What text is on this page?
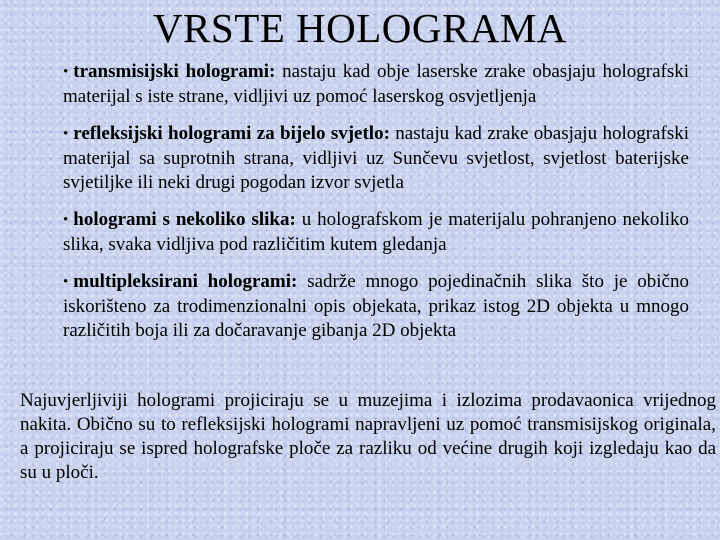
VRSTE HOLOGRAMA
• transmisijski hologrami: nastaju kad obje laserske zrake obasjaju holografski materijal s iste strane, vidljivi uz pomoć laserskog osvjetljenja
• refleksijski hologrami za bijelo svjetlo: nastaju kad zrake obasjaju holografski materijal sa suprotnih strana, vidljivi uz Sunčevu svjetlost, svjetlost baterijske svjetiljke ili neki drugi pogodan izvor svjetla
• hologrami s nekoliko slika: u holografskom je materijalu pohranjeno nekoliko slika, svaka vidljiva pod različitim kutem gledanja
• multipleksirani hologrami: sadrže mnogo pojedinačnih slika što je obično iskorišteno za trodimenzionalni opis objekata, prikaz istog 2D objekta u mnogo različitih boja ili za dočaravanje gibanja 2D objekta

Najuvjerljiviji hologrami projiciraju se u muzejima i izlozima prodavaonica vrijednog nakita. Obično su to refleksijski hologrami napravljeni uz pomoć transmisijskog originala, a projiciraju se ispred holografske ploče za razliku od većine drugih koji izgledaju kao da su u ploči.
